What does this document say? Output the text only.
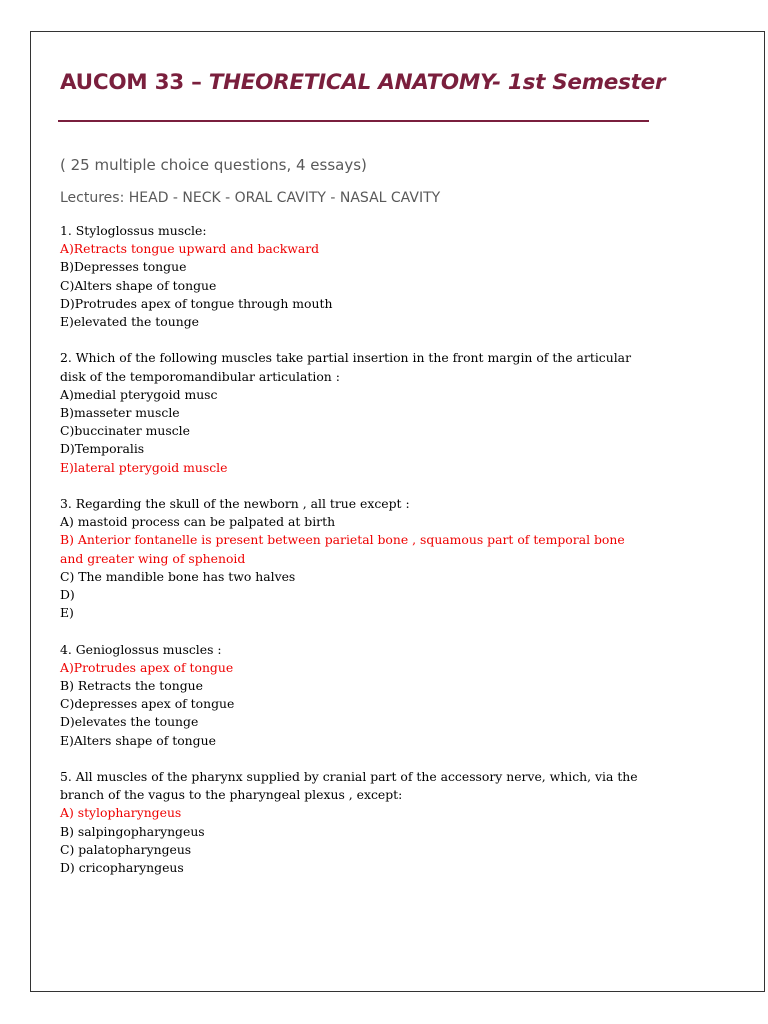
AUCOM 33 – THEORETICAL ANATOMY- 1st Semester
( 25 multiple choice questions, 4 essays)
Lectures: HEAD - NECK - ORAL CAVITY - NASAL CAVITY
1. Styloglossus muscle:
A)Retracts tongue upward and backward
B)Depresses tongue
C)Alters shape of tongue
D)Protrudes apex of tongue through mouth
E)elevated the tounge
2. Which of the following muscles take partial insertion in the front margin of the articular
disk of the temporomandibular articulation :
A)medial pterygoid musc
B)masseter muscle
C)buccinater muscle
D)Temporalis
E)lateral pterygoid muscle
3. Regarding the skull of the newborn , all true except :
A) mastoid process can be palpated at birth
B) Anterior fontanelle is present between parietal bone , squamous part of temporal bone
and greater wing of sphenoid
C) The mandible bone has two halves
D)
E)
4. Genioglossus muscles :
A)Protrudes apex of tongue
B) Retracts the tongue
C)depresses apex of tongue
D)elevates the tounge
E)Alters shape of tongue
5. All muscles of the pharynx supplied by cranial part of the accessory nerve, which, via the
branch of the vagus to the pharyngeal plexus , except:
A) stylopharyngeus
B) salpingopharyngeus
C) palatopharyngeus
D) cricopharyngeus
